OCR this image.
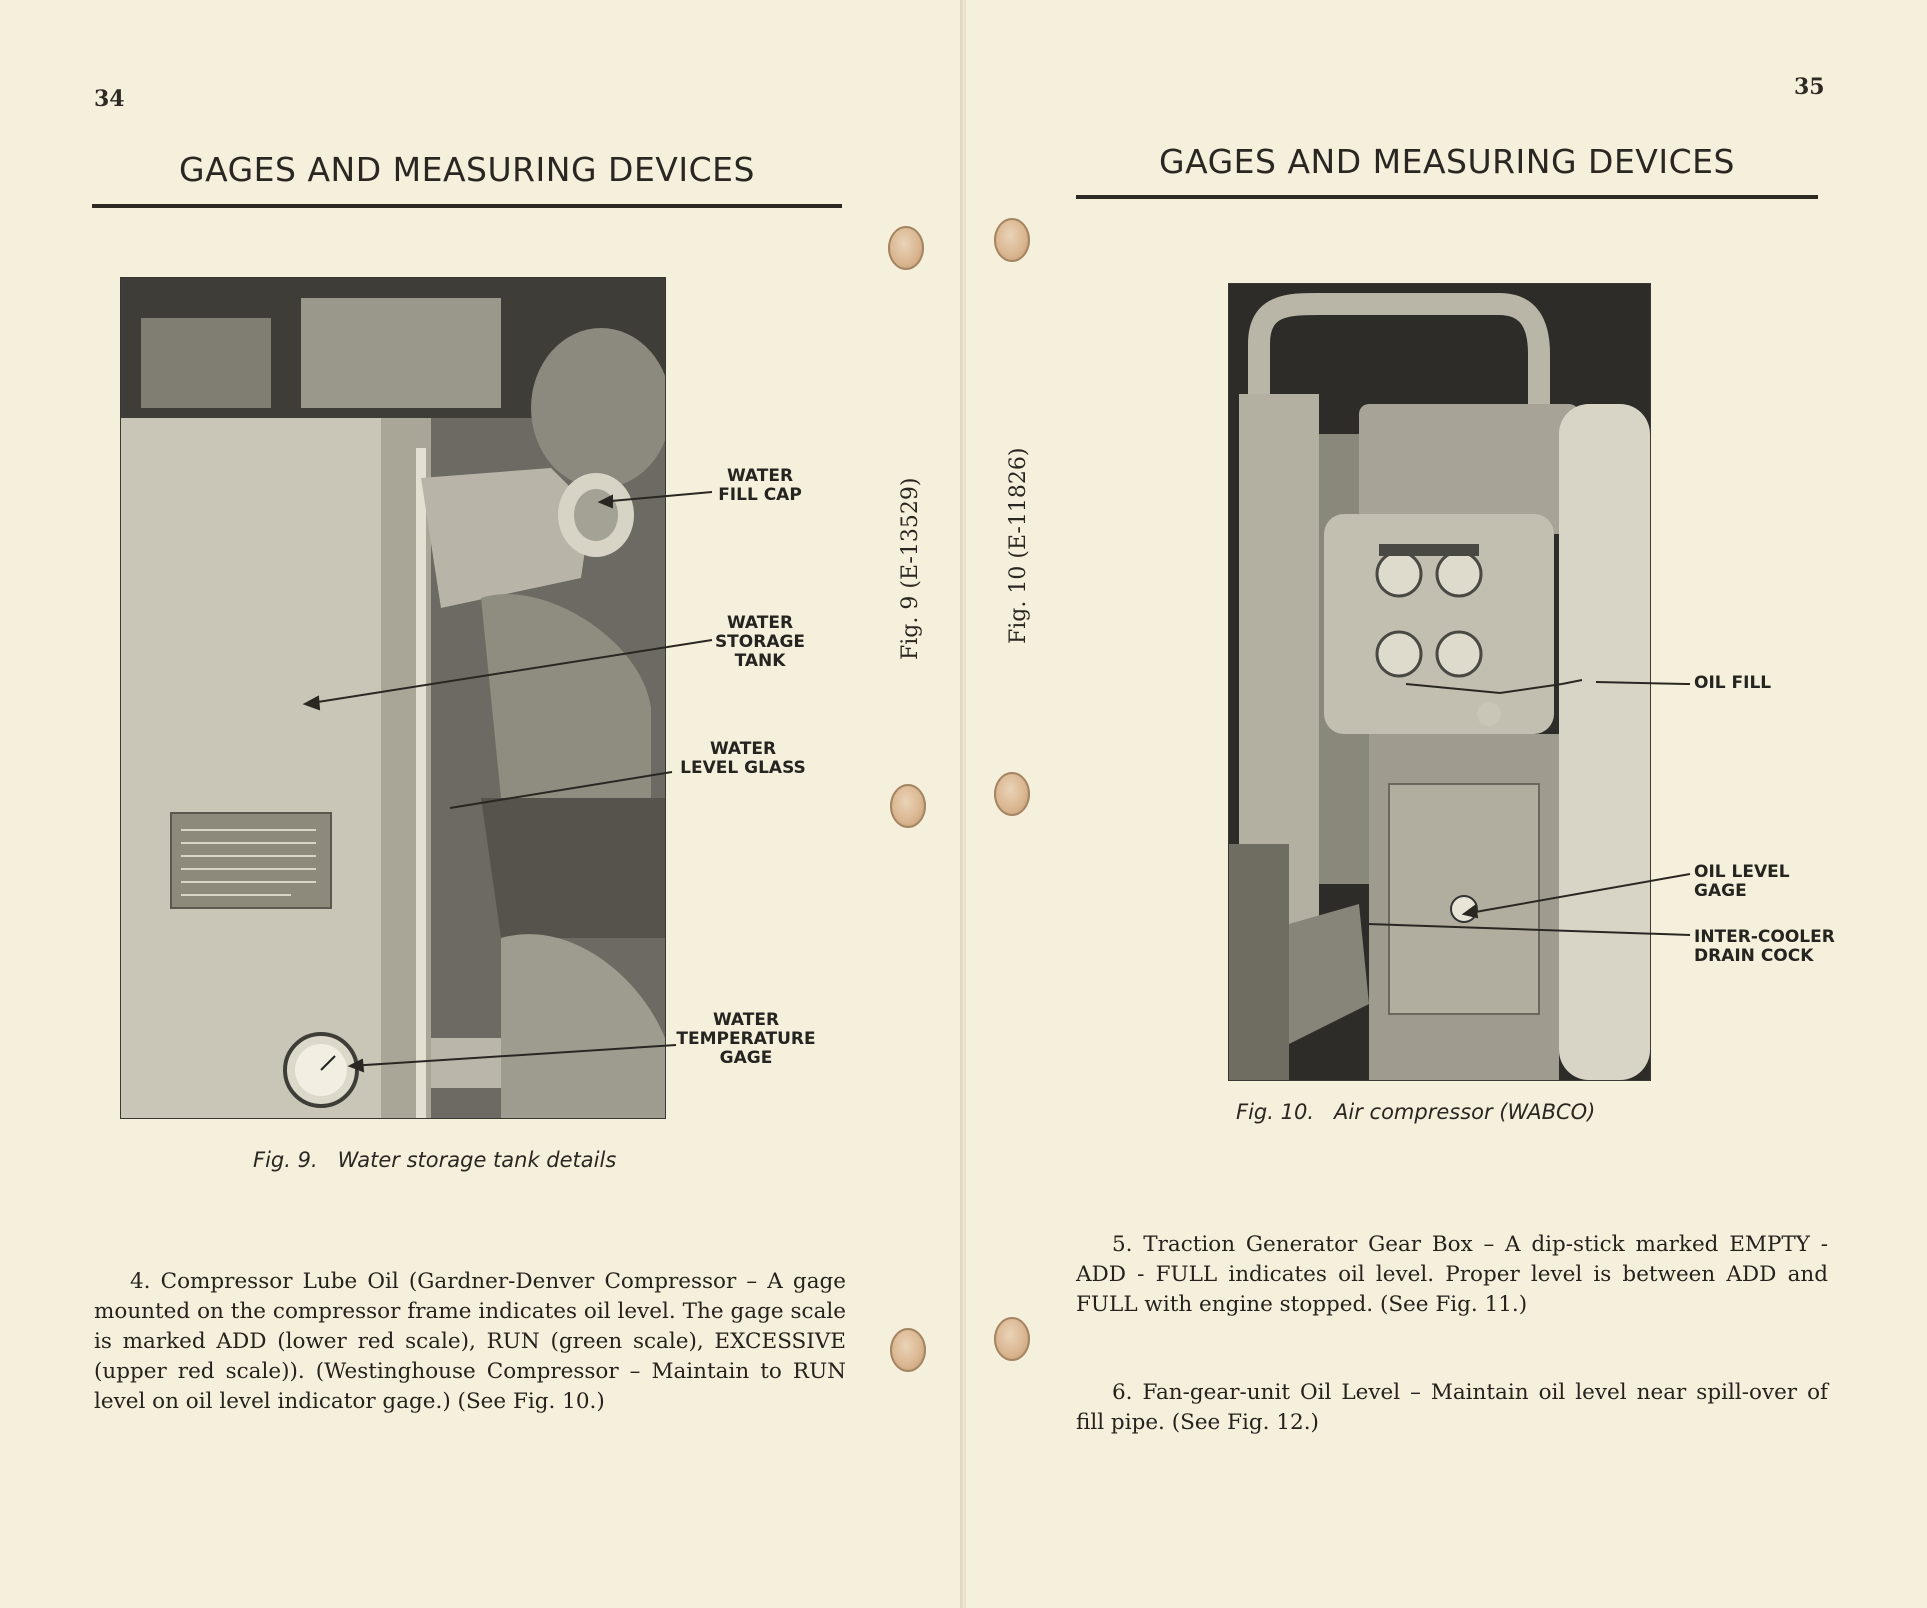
34
GAGES AND MEASURING DEVICES
WATER
FILL CAP
WATER
STORAGE
TANK
WATER
LEVEL GLASS
WATER
TEMPERATURE
GAGE
Fig. 9.   Water storage tank details
Fig. 9 (E-13529)

4. Compressor Lube Oil (Gardner-Denver Compressor – A gage mounted on the compressor frame indicates oil level. The gage scale is marked ADD (lower red scale), RUN (green scale), EXCESSIVE (upper red scale)). (Westinghouse Compressor – Maintain to RUN level on oil level indicator gage.) (See Fig. 10.)

35
GAGES AND MEASURING DEVICES
OIL FILL
OIL LEVEL
GAGE
INTER-COOLER
DRAIN COCK
Fig. 10.   Air compressor (WABCO)
Fig. 10 (E-11826)

5. Traction Generator Gear Box – A dip-stick marked EMPTY - ADD - FULL indicates oil level. Proper level is between ADD and FULL with engine stopped. (See Fig. 11.)

6. Fan-gear-unit Oil Level – Maintain oil level near spill-over of fill pipe. (See Fig. 12.)
